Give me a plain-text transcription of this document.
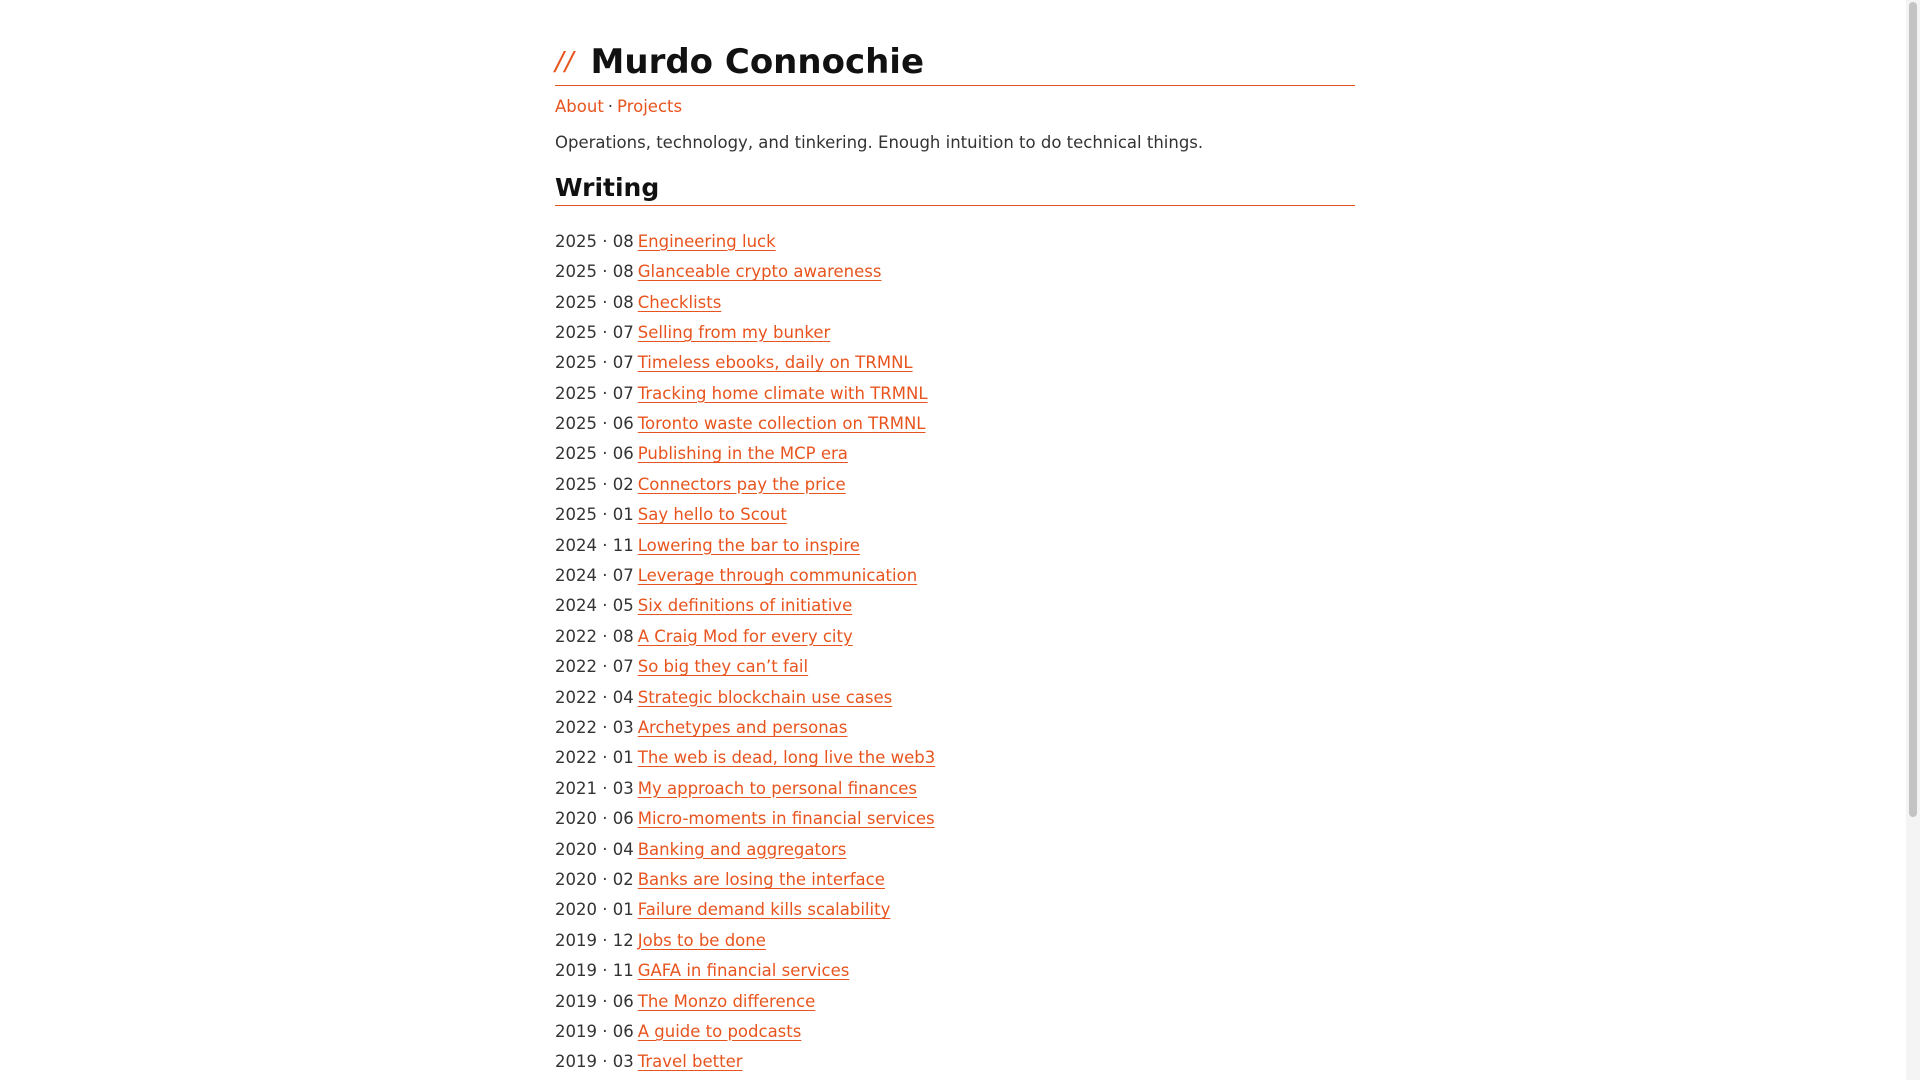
// Murdo Connochie
About · Projects

Operations, technology, and tinkering. Enough intuition to do technical things.

Writing
2025 · 08 Engineering luck
2025 · 08 Glanceable crypto awareness
2025 · 08 Checklists
2025 · 07 Selling from my bunker
2025 · 07 Timeless ebooks, daily on TRMNL
2025 · 07 Tracking home climate with TRMNL
2025 · 06 Toronto waste collection on TRMNL
2025 · 06 Publishing in the MCP era
2025 · 02 Connectors pay the price
2025 · 01 Say hello to Scout
2024 · 11 Lowering the bar to inspire
2024 · 07 Leverage through communication
2024 · 05 Six definitions of initiative
2022 · 08 A Craig Mod for every city
2022 · 07 So big they can’t fail
2022 · 04 Strategic blockchain use cases
2022 · 03 Archetypes and personas
2022 · 01 The web is dead, long live the web3
2021 · 03 My approach to personal finances
2020 · 06 Micro-moments in financial services
2020 · 04 Banking and aggregators
2020 · 02 Banks are losing the interface
2020 · 01 Failure demand kills scalability
2019 · 12 Jobs to be done
2019 · 11 GAFA in financial services
2019 · 06 The Monzo difference
2019 · 06 A guide to podcasts
2019 · 03 Travel better
